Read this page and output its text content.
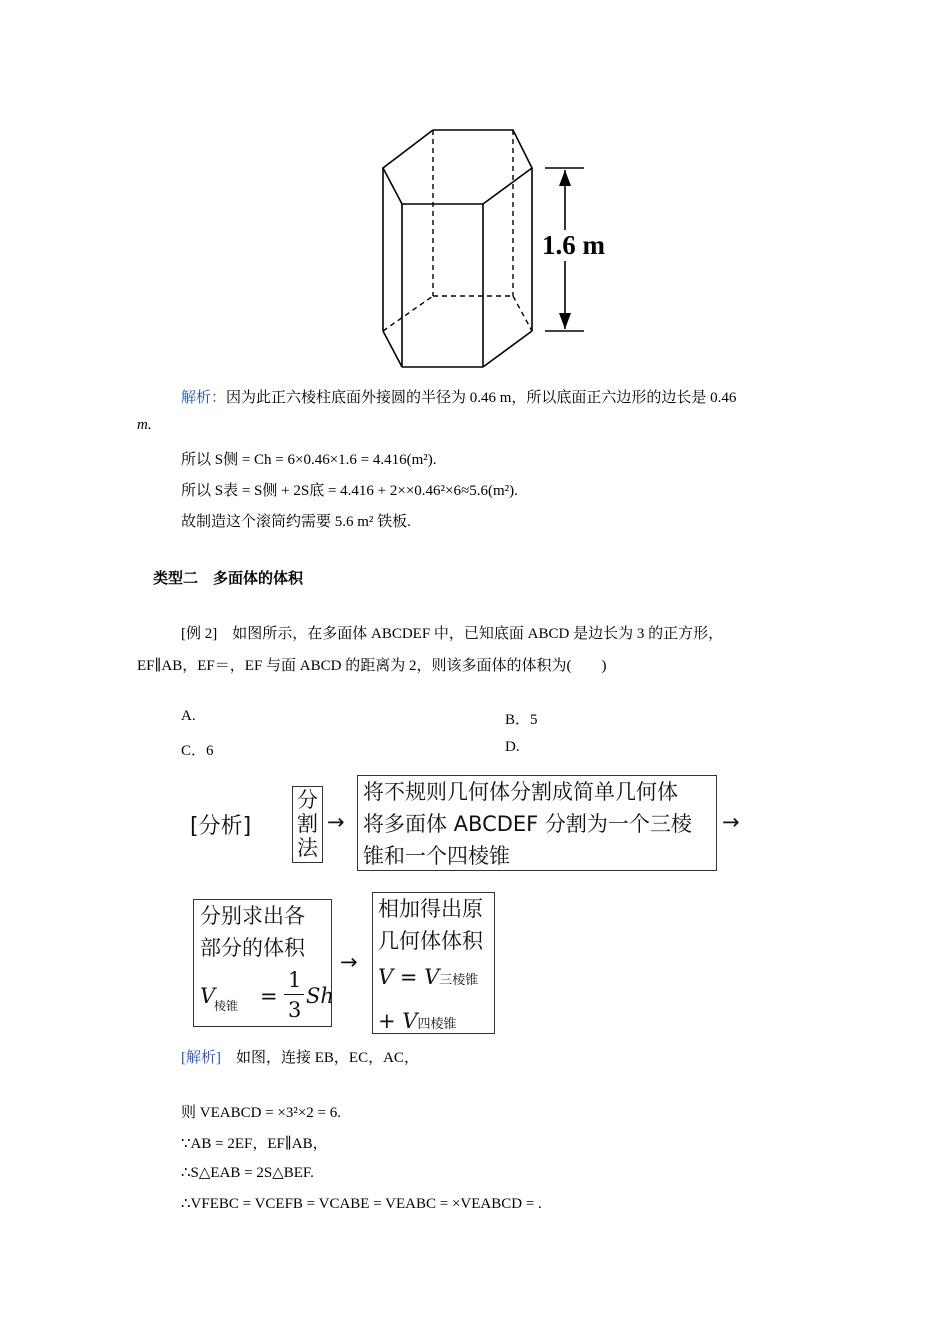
1.6 m
解析：因为此正六棱柱底面外接圆的半径为 0.46 m，所以底面正六边形的边长是 0.46
m.
所以 S侧 = Ch = 6×0.46×1.6 = 4.416(m²).
所以 S表 = S侧 + 2S底 = 4.416 + 2××0.46²×6≈5.6(m²).
故制造这个滚筒约需要 5.6 m² 铁板.
类型二　多面体的体积
[例 2]　如图所示，在多面体 ABCDEF 中，已知底面 ABCD 是边长为 3 的正方形，
EF∥AB，EF＝，EF 与面 ABCD 的距离为 2，则该多面体的体积为(　　)
A.	B．5
C．6	D.
[分析]
分
割
法
→
将不规则几何体分割成简单几何体
将多面体 ABCDEF 分割为一个三棱
锥和一个四棱锥
→
分别求出各
部分的体积
V
棱锥 =
1
3
Sh
→
相加得出原
几何体体积
V = V三棱锥
+ V四棱锥
[解析]　 如图，连接 EB，EC，AC，
则 VEABCD = ×3²×2 = 6.
∵AB = 2EF，EF∥AB，
∴S△EAB = 2S△BEF.
∴VFEBC = VCEFB = VCABE = VEABC = ×VEABCD = .
